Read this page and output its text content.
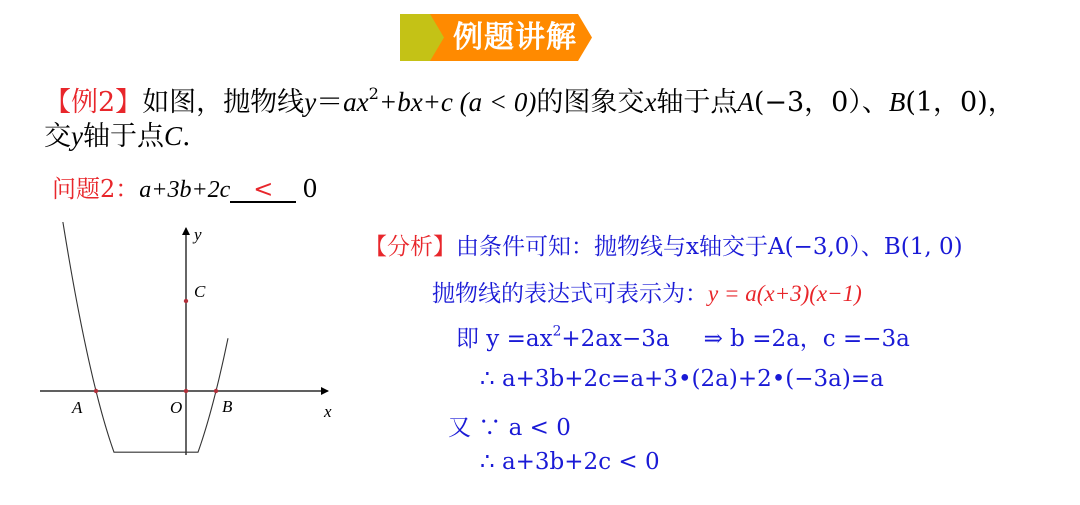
例题讲解
【例2】如图，抛物线$y=ax^2+bx+c$ (a < 0)的图象交x轴于点A(−3，0）、B(1，0)，
交y轴于点C.
问题2：a+3b+2c < 0
y
x
A	O B
C
【分析】由条件可知：抛物线与x轴交于A(−3,0）、B(1, 0)
抛物线的表达式可表示为：y = a(x+3)(x−1)
即 $y =ax^2+2ax-3a$ ⇒ b =2a，c =−3a
∴ a+3b+2c=a+3•(2a)+2•(−3a)=a
又 ∵ a < 0
∴ a+3b+2c < 0
